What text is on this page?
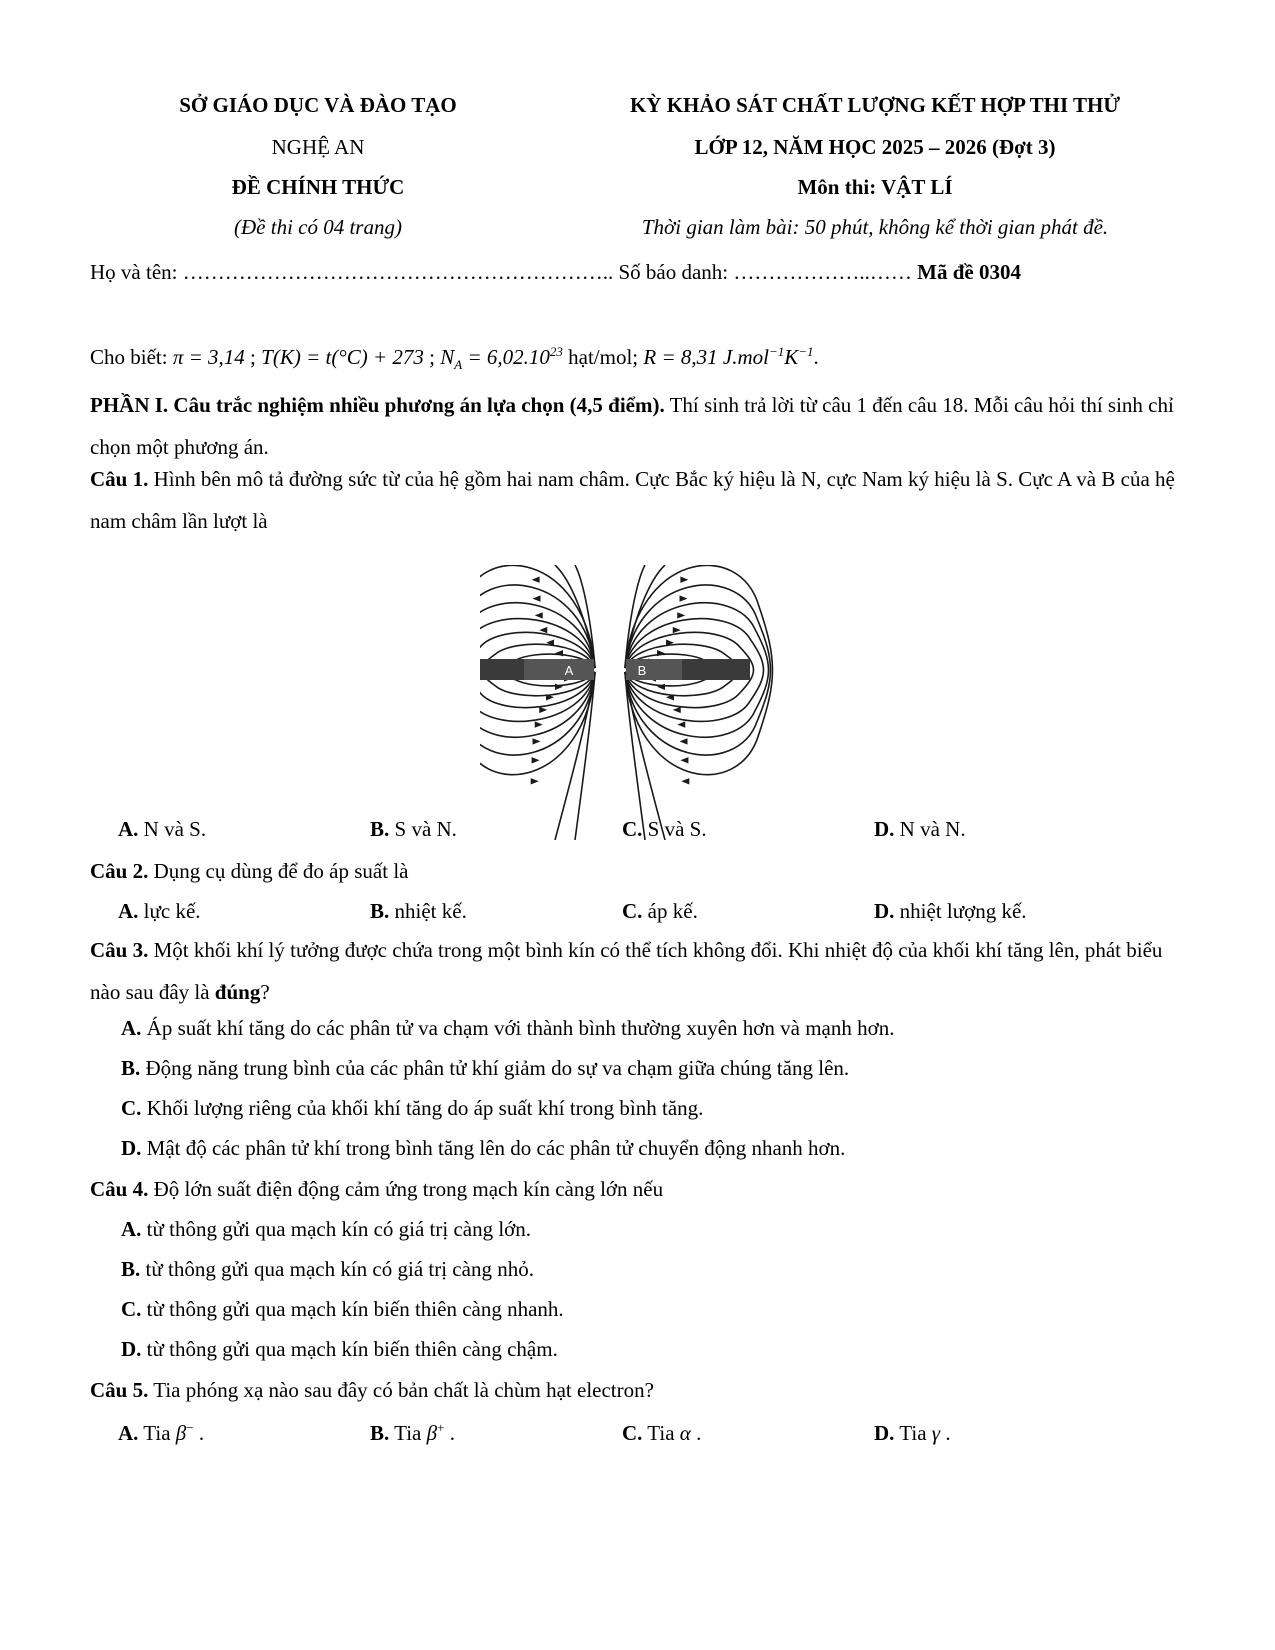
SỞ GIÁO DỤC VÀ ĐÀO TẠO
NGHỆ AN
ĐỀ CHÍNH THỨC
(Đề thi có 04 trang)
KỲ KHẢO SÁT CHẤT LƯỢNG KẾT HỢP THI THỬ
LỚP 12, NĂM HỌC 2025 – 2026 (Đợt 3)
Môn thi: VẬT LÍ
Thời gian làm bài: 50 phút, không kể thời gian phát đề.
Họ và tên: …………………………………………………….. Số báo danh: ………………..…… Mã đề 0304
Cho biết: π = 3,14 ; T(K) = t(°C) + 273 ; $N_A = 6,02.10^{23}$ hạt/mol; R = 8,31 $J.mol^{-1}K^{-1}$.
PHẦN I. Câu trắc nghiệm nhiều phương án lựa chọn (4,5 điểm). Thí sinh trả lời từ câu 1 đến câu 18. Mỗi câu hỏi thí sinh chỉ chọn một phương án.
Câu 1. Hình bên mô tả đường sức từ của hệ gồm hai nam châm. Cực Bắc ký hiệu là N, cực Nam ký hiệu là S. Cực A và B của hệ nam châm lần lượt là
A	B
A. N và S.	B. S và N.	C. S và S.	D. N và N.
Câu 2. Dụng cụ dùng để đo áp suất là
A. lực kế.	B. nhiệt kế.	C. áp kế.	D. nhiệt lượng kế.
Câu 3. Một khối khí lý tưởng được chứa trong một bình kín có thể tích không đổi. Khi nhiệt độ của khối khí tăng lên, phát biểu nào sau đây là đúng?
A. Áp suất khí tăng do các phân tử va chạm với thành bình thường xuyên hơn và mạnh hơn.
B. Động năng trung bình của các phân tử khí giảm do sự va chạm giữa chúng tăng lên.
C. Khối lượng riêng của khối khí tăng do áp suất khí trong bình tăng.
D. Mật độ các phân tử khí trong bình tăng lên do các phân tử chuyển động nhanh hơn.
Câu 4. Độ lớn suất điện động cảm ứng trong mạch kín càng lớn nếu
A. từ thông gửi qua mạch kín có giá trị càng lớn.
B. từ thông gửi qua mạch kín có giá trị càng nhỏ.
C. từ thông gửi qua mạch kín biến thiên càng nhanh.
D. từ thông gửi qua mạch kín biến thiên càng chậm.
Câu 5. Tia phóng xạ nào sau đây có bản chất là chùm hạt electron?
A. Tia β− .	B. Tia β+ .	C. Tia α .	D. Tia γ .
